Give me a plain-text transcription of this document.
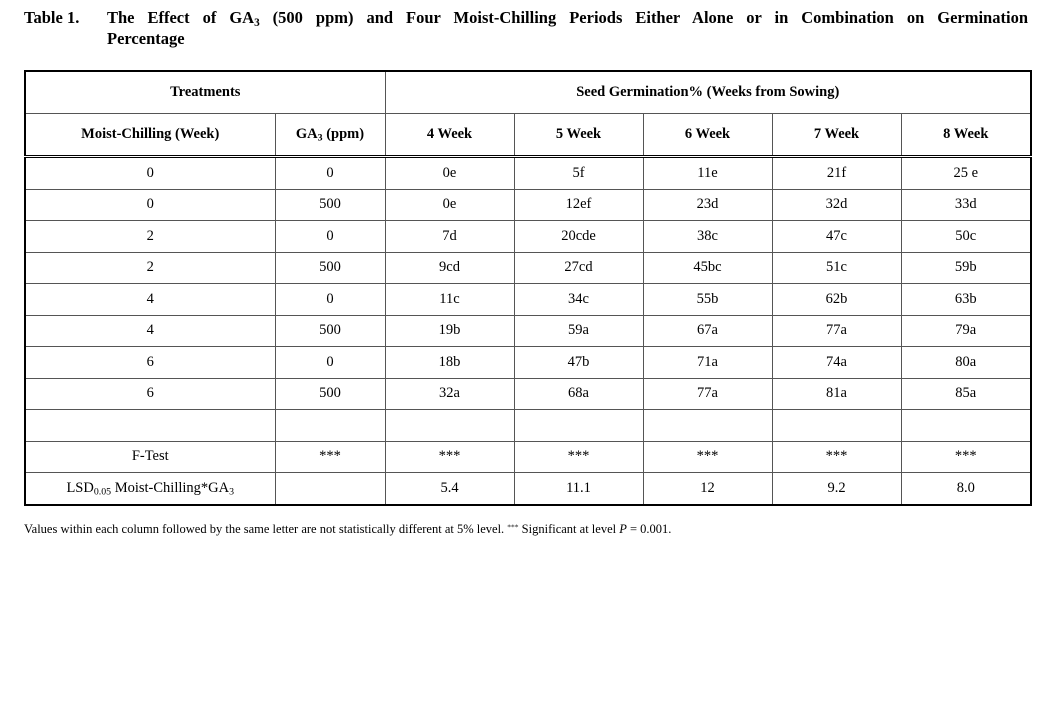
Table 1.	The Effect of $GA_3$ (500 ppm) and Four Moist-Chilling Periods Either Alone or in Combination on Germination
Percentage
Treatments		Seed Germination% (Weeks from Sowing)				
Moist-Chilling (Week)	$GA_3$ (ppm)	4 Week	5 Week	6 Week	7 Week	8 Week
0	0	0e	5f	11e	21f	25 e
0	500	0e	12ef	23d	32d	33d
2	0	7d	20cde	38c	47c	50c
2	500	9cd	27cd	45bc	51c	59b
4	0	11c	34c	55b	62b	63b
4	500	19b	59a	67a	77a	79a
6	0	18b	47b	71a	74a	80a
6	500	32a	68a	77a	81a	85a

F-Test	***	***	***	***	***	***
$LSD_{0.05}$ Moist-$Chilling*GA_3$		5.4	11.1	12	9.2	8.0
Values within each column followed by the same letter are not statistically different at 5% level. *** Significant at level P = 0.001.
